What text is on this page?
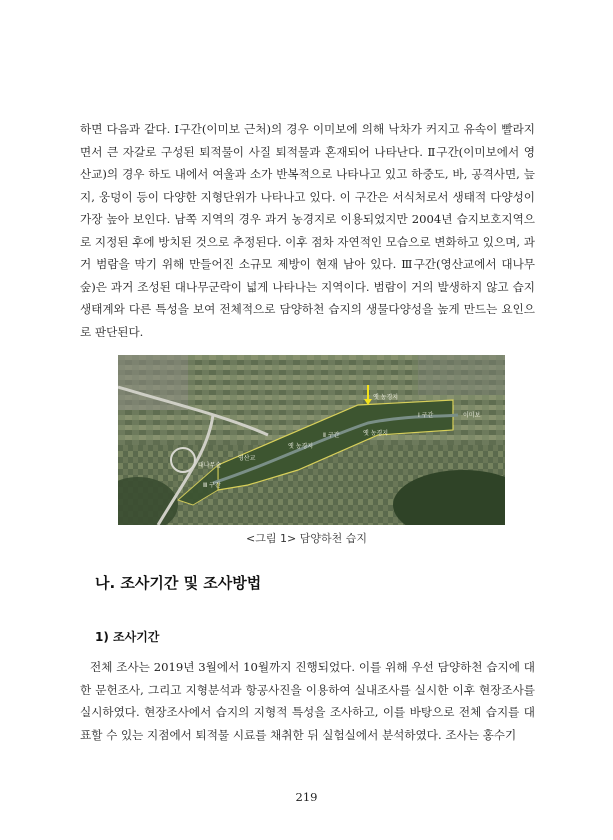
하면 다음과 같다. Ⅰ구간(이미보 근처)의 경우 이미보에 의해 낙차가 커지고 유속이 빨라지면서 큰 자갈로 구성된 퇴적물이 사질 퇴적물과 혼재되어 나타난다. Ⅱ구간(이미보에서 영산교)의 경우 하도 내에서 여울과 소가 반복적으로 나타나고 있고 하중도, 바, 공격사면, 늪지, 웅덩이 등이 다양한 지형단위가 나타나고 있다. 이 구간은 서식처로서 생태적 다양성이 가장 높아 보인다. 남쪽 지역의 경우 과거 농경지로 이용되었지만 2004년 습지보호지역으로 지정된 후에 방치된 것으로 추정된다. 이후 점차 자연적인 모습으로 변화하고 있으며, 과거 범람을 막기 위해 만들어진 소규모 제방이 현재 남아 있다. Ⅲ구간(영산교에서 대나무숲)은 과거 조성된 대나무군락이 넓게 나타나는 지역이다. 범람이 거의 발생하지 않고 습지 생태계와 다른 특성을 보여 전체적으로 담양하천 습지의 생물다양성을 높게 만드는 요인으로 판단된다.

이미보
Ⅰ 구간
Ⅱ 구간
Ⅲ 구간
영산교
대나무숲
옛 농경지
옛 농경지
옛 농경지
<그림 1> 담양하천 습지
나. 조사기간 및 조사방법
1) 조사기간

전체 조사는 2019년 3월에서 10월까지 진행되었다. 이를 위해 우선 담양하천 습지에 대한 문헌조사, 그리고 지형분석과 항공사진을 이용하여 실내조사를 실시한 이후 현장조사를 실시하였다. 현장조사에서 습지의 지형적 특성을 조사하고, 이를 바탕으로 전체 습지를 대표할 수 있는 지점에서 퇴적물 시료를 채취한 뒤 실험실에서 분석하였다. 조사는 홍수기

219
